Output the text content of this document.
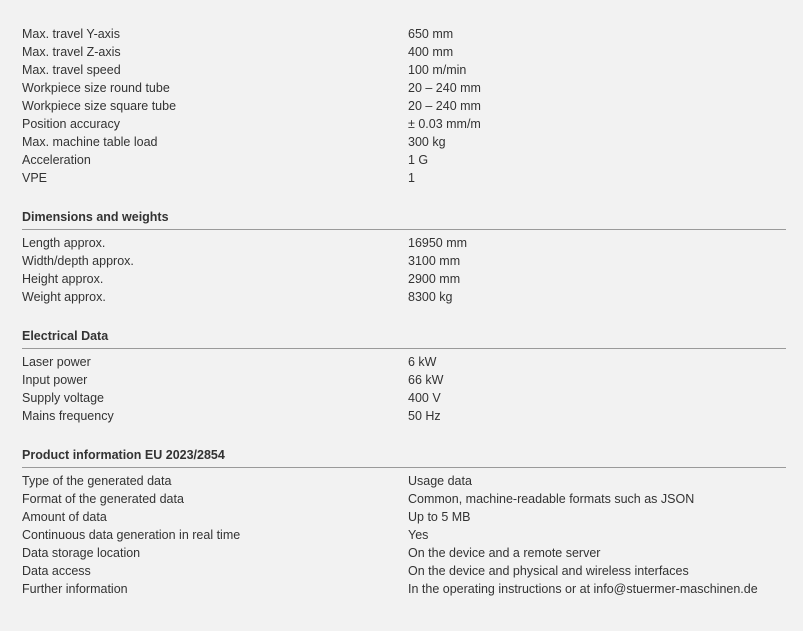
Max. travel Y-axis	650 mm
Max. travel Z-axis	400 mm
Max. travel speed	100 m/min
Workpiece size round tube	20 – 240 mm
Workpiece size square tube	20 – 240 mm
Position accuracy	± 0.03 mm/m
Max. machine table load	300 kg
Acceleration	1 G
VPE	1
Dimensions and weights
Length approx.	16950 mm
Width/depth approx.	3100 mm
Height approx.	2900 mm
Weight approx.	8300 kg
Electrical Data
Laser power	6 kW
Input power	66 kW
Supply voltage	400 V
Mains frequency	50 Hz
Product information EU 2023/2854
Type of the generated data	Usage data
Format of the generated data	Common, machine-readable formats such as JSON
Amount of data	Up to 5 MB
Continuous data generation in real time	Yes
Data storage location	On the device and a remote server
Data access	On the device and physical and wireless interfaces
Further information	In the operating instructions or at info@stuermer-maschinen.de
